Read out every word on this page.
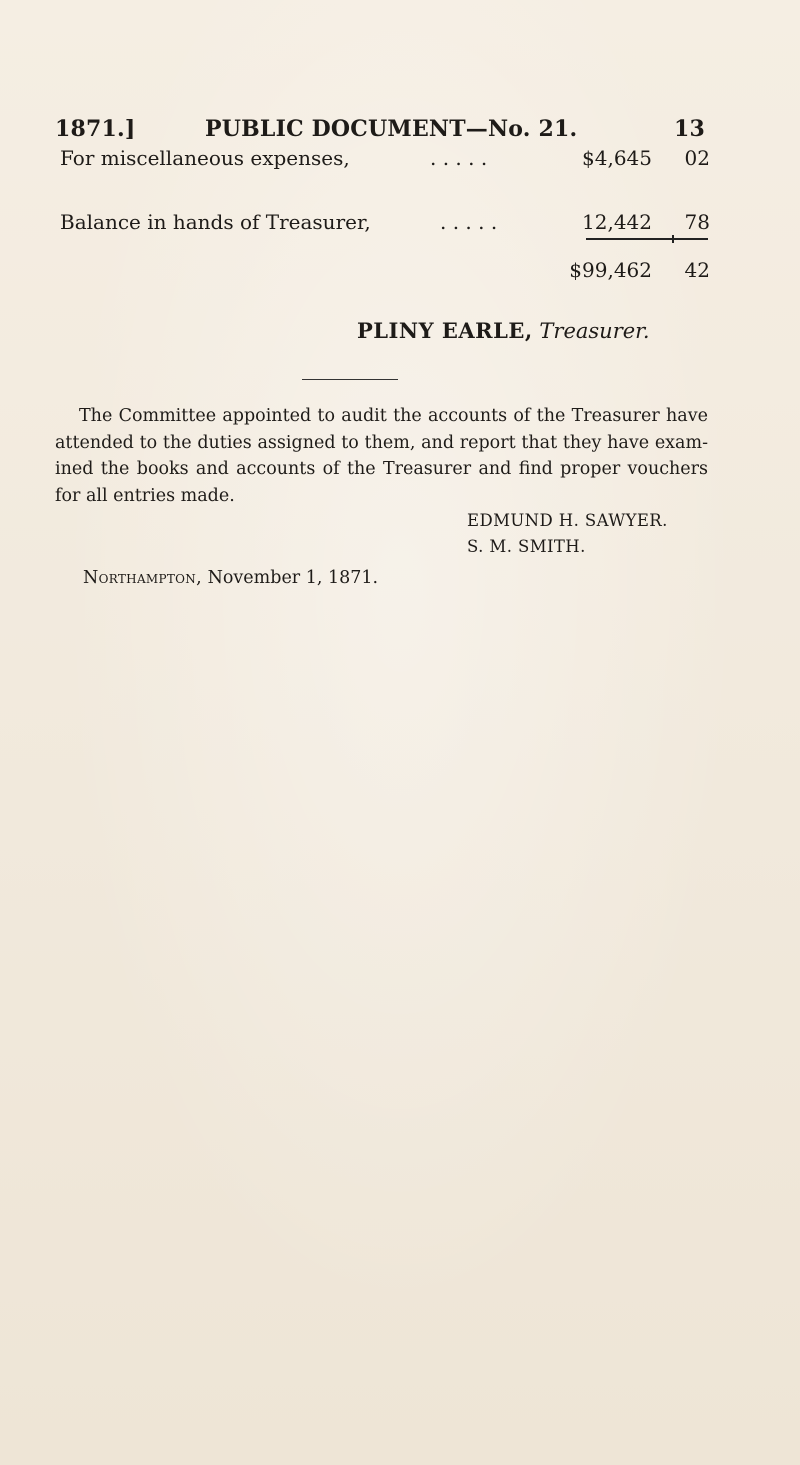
1871.]	PUBLIC DOCUMENT—No. 21.	13
For miscellaneous expenses,	. . . . .	$4,645 02
Balance in hands of Treasurer,	. . . . .	12,442 78
$99,462 42
PLINY EARLE, Treasurer.

The Committee appointed to audit the accounts of the Treasurer have attended to the duties assigned to them, and report that they have examined the books and accounts of the Treasurer and find proper vouchers for all entries made.

EDMUND H. SAWYER.
S. M. SMITH.
Northampton, November 1, 1871.
